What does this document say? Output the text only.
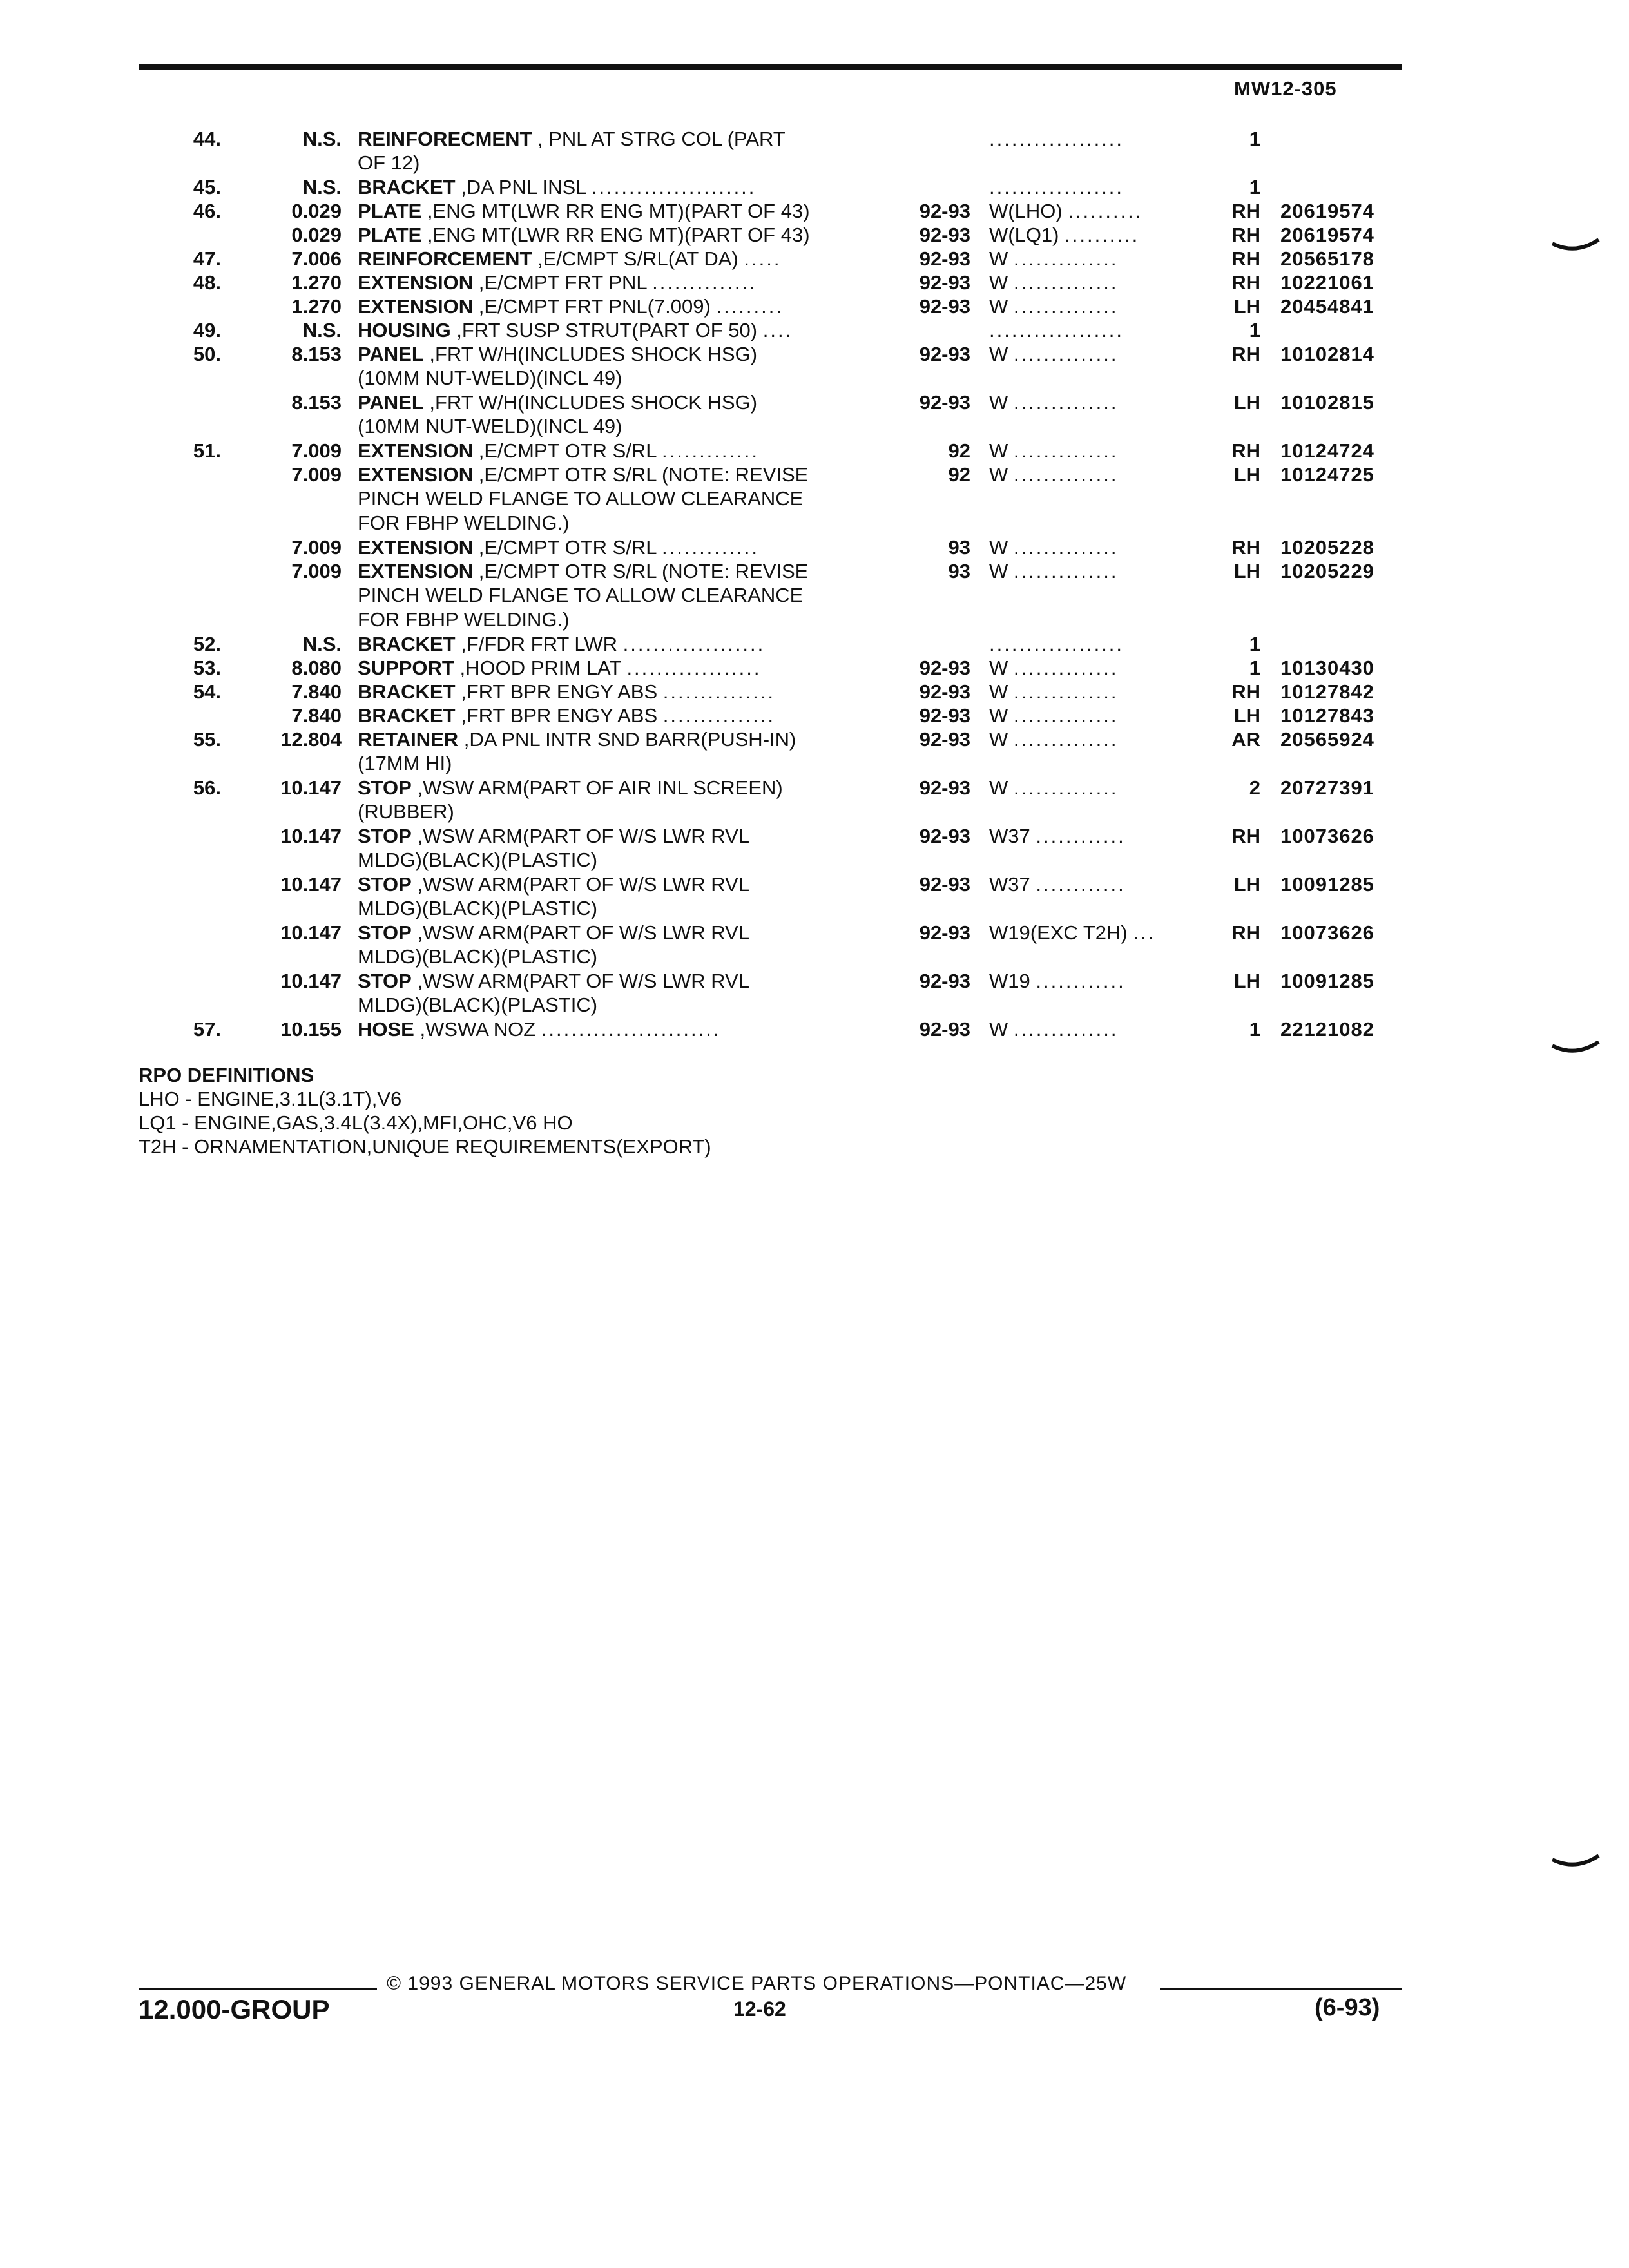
MW12-305
44.	N.S. REINFORECMENT , PNL AT STRG COL (PART	..................	1
OF 12)
45.	N.S. BRACKET ,DA PNL INSL ......................	..................	1
46.	0.029 PLATE ,ENG MT(LWR RR ENG MT)(PART OF 43)	92-93 W(LHO) ..........	RH 20619574
0.029 PLATE ,ENG MT(LWR RR ENG MT)(PART OF 43)	92-93 W(LQ1) ..........	RH 20619574
47.	7.006 REINFORCEMENT ,E/CMPT S/RL(AT DA) .....	92-93 W ..............	RH 20565178
48.	1.270 EXTENSION ,E/CMPT FRT PNL ..............	92-93 W ..............	RH 10221061
1.270 EXTENSION ,E/CMPT FRT PNL(7.009) .........	92-93 W ..............	LH 20454841
49.	N.S. HOUSING ,FRT SUSP STRUT(PART OF 50) ....	..................	1
50.	8.153 PANEL ,FRT W/H(INCLUDES SHOCK HSG)	92-93 W ..............	RH 10102814
(10MM NUT-WELD)(INCL 49)
8.153 PANEL ,FRT W/H(INCLUDES SHOCK HSG)	92-93 W ..............	LH 10102815
(10MM NUT-WELD)(INCL 49)
51.	7.009 EXTENSION ,E/CMPT OTR S/RL .............	92 W ..............	RH 10124724
7.009 EXTENSION ,E/CMPT OTR S/RL (NOTE: REVISE	92 W ..............	LH 10124725
PINCH WELD FLANGE TO ALLOW CLEARANCE
FOR FBHP WELDING.)
7.009 EXTENSION ,E/CMPT OTR S/RL .............	93 W ..............	RH 10205228
7.009 EXTENSION ,E/CMPT OTR S/RL (NOTE: REVISE	93 W ..............	LH 10205229
PINCH WELD FLANGE TO ALLOW CLEARANCE
FOR FBHP WELDING.)
52.	N.S. BRACKET ,F/FDR FRT LWR ...................	..................	1
53.	8.080 SUPPORT ,HOOD PRIM LAT ..................	92-93 W ..............	1 10130430
54.	7.840 BRACKET ,FRT BPR ENGY ABS ...............	92-93 W ..............	RH 10127842
7.840 BRACKET ,FRT BPR ENGY ABS ...............	92-93 W ..............	LH 10127843
55.	12.804 RETAINER ,DA PNL INTR SND BARR(PUSH-IN)	92-93 W ..............	AR 20565924
(17MM HI)
56.	10.147 STOP ,WSW ARM(PART OF AIR INL SCREEN)	92-93 W ..............	2 20727391
(RUBBER)
10.147 STOP ,WSW ARM(PART OF W/S LWR RVL	92-93 W37 ............	RH 10073626
MLDG)(BLACK)(PLASTIC)
10.147 STOP ,WSW ARM(PART OF W/S LWR RVL	92-93 W37 ............	LH 10091285
MLDG)(BLACK)(PLASTIC)
10.147 STOP ,WSW ARM(PART OF W/S LWR RVL	92-93 W19(EXC T2H) ...	RH 10073626
MLDG)(BLACK)(PLASTIC)
10.147 STOP ,WSW ARM(PART OF W/S LWR RVL	92-93 W19 ............	LH 10091285
MLDG)(BLACK)(PLASTIC)
57.	10.155 HOSE ,WSWA NOZ ........................	92-93 W ..............	1 22121082
RPO DEFINITIONS
LHO - ENGINE,3.1L(3.1T),V6
LQ1 - ENGINE,GAS,3.4L(3.4X),MFI,OHC,V6 HO
T2H - ORNAMENTATION,UNIQUE REQUIREMENTS(EXPORT)
© 1993 GENERAL MOTORS SERVICE PARTS OPERATIONS—PONTIAC—25W
12.000-GROUP	12-62	(6-93)
